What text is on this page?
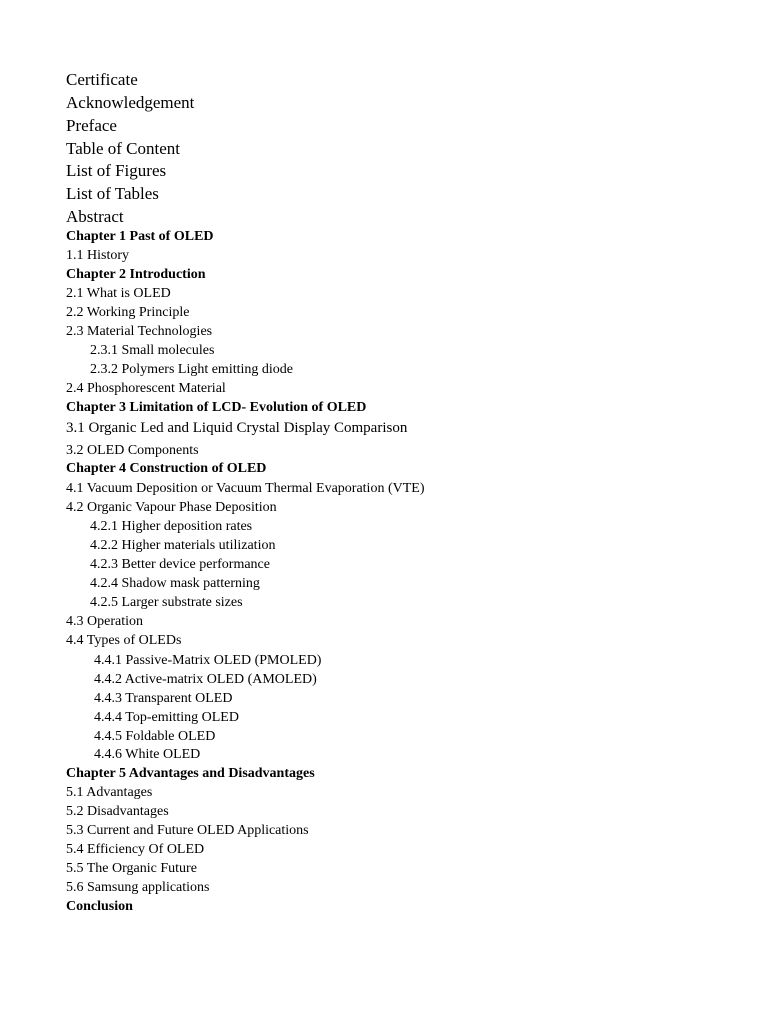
Certificate
Acknowledgement
Preface
Table of Content
List of Figures
List of Tables
Abstract
Chapter 1 Past of OLED
1.1 History
Chapter 2 Introduction
2.1 What is OLED
2.2 Working Principle
2.3 Material Technologies
2.3.1 Small molecules
2.3.2 Polymers Light emitting diode
2.4 Phosphorescent Material
Chapter 3 Limitation of LCD- Evolution of OLED
3.1 Organic Led and Liquid Crystal Display Comparison
3.2 OLED Components
Chapter 4 Construction of OLED
4.1 Vacuum Deposition or Vacuum Thermal Evaporation (VTE)
4.2 Organic Vapour Phase Deposition
4.2.1 Higher deposition rates
4.2.2 Higher materials utilization
4.2.3 Better device performance
4.2.4 Shadow mask patterning
4.2.5 Larger substrate sizes
4.3 Operation
4.4 Types of OLEDs
4.4.1 Passive-Matrix OLED (PMOLED)
4.4.2 Active-matrix OLED (AMOLED)
4.4.3 Transparent OLED
4.4.4 Top-emitting OLED
4.4.5 Foldable OLED
4.4.6 White OLED
Chapter 5 Advantages and Disadvantages
5.1 Advantages
5.2 Disadvantages
5.3 Current and Future OLED Applications
5.4 Efficiency Of OLED
5.5 The Organic Future
5.6 Samsung applications
Conclusion
